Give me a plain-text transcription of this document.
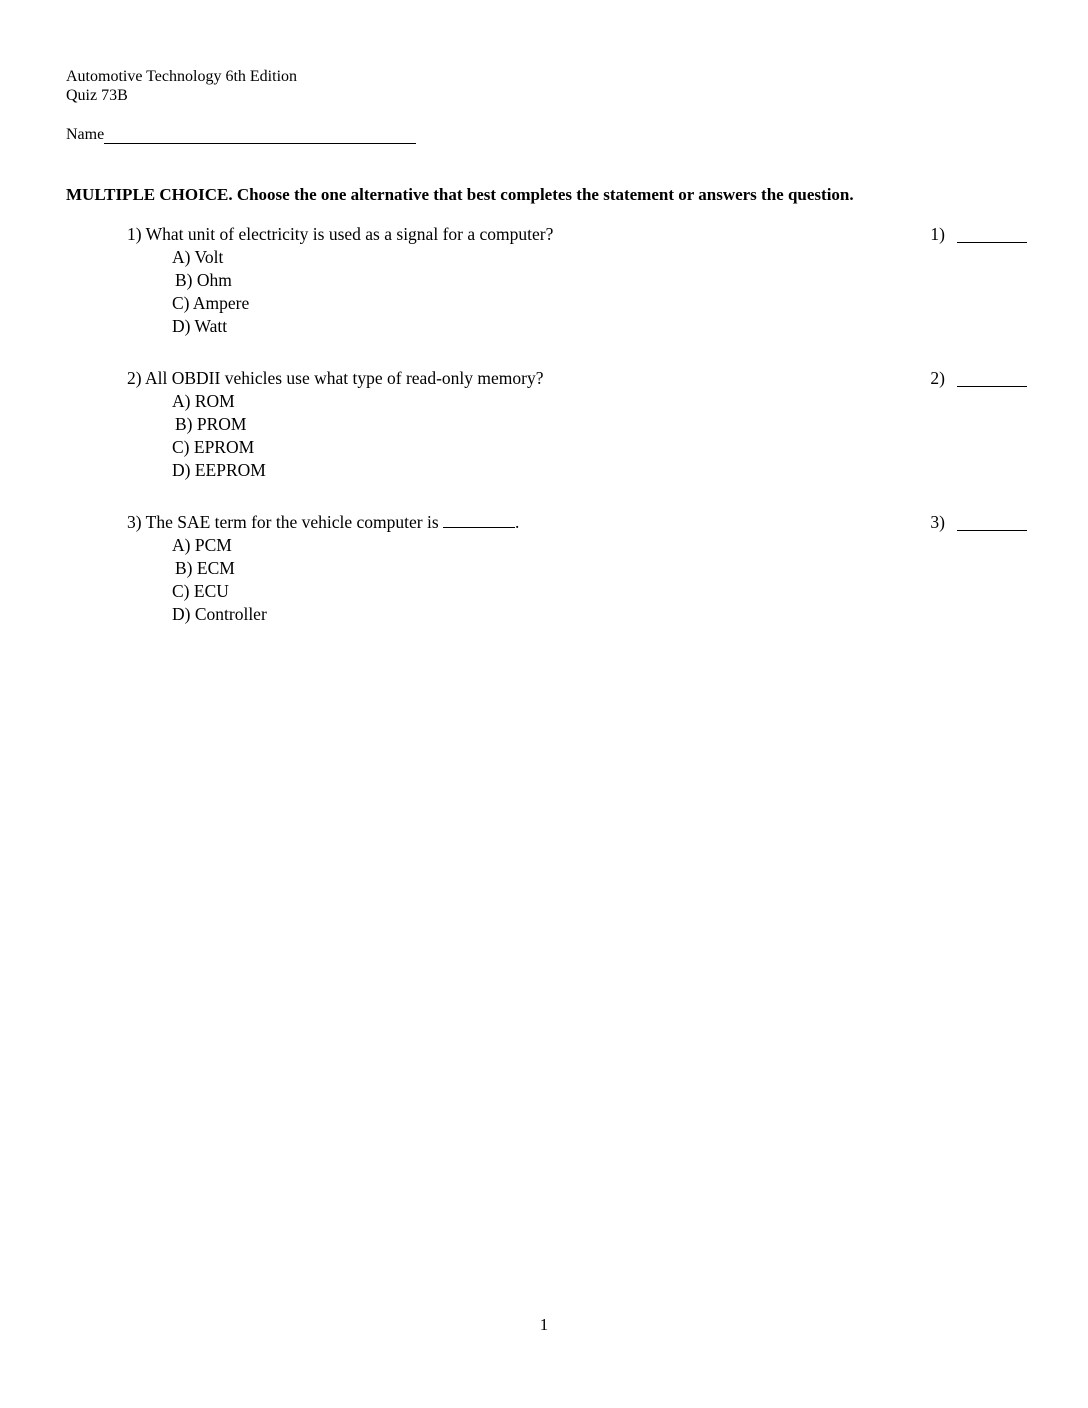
Automotive Technology 6th Edition
Quiz 73B
Name
MULTIPLE CHOICE. Choose the one alternative that best completes the statement or answers the question.
1) What unit of electricity is used as a signal for a computer?
A) Volt
B) Ohm
C) Ampere
D) Watt
1)
2) All OBDII vehicles use what type of read-only memory?
A) ROM
B) PROM
C) EPROM
D) EEPROM
2)
3) The SAE term for the vehicle computer is	.
A) PCM
B) ECM
C) ECU
D) Controller
3)
1
